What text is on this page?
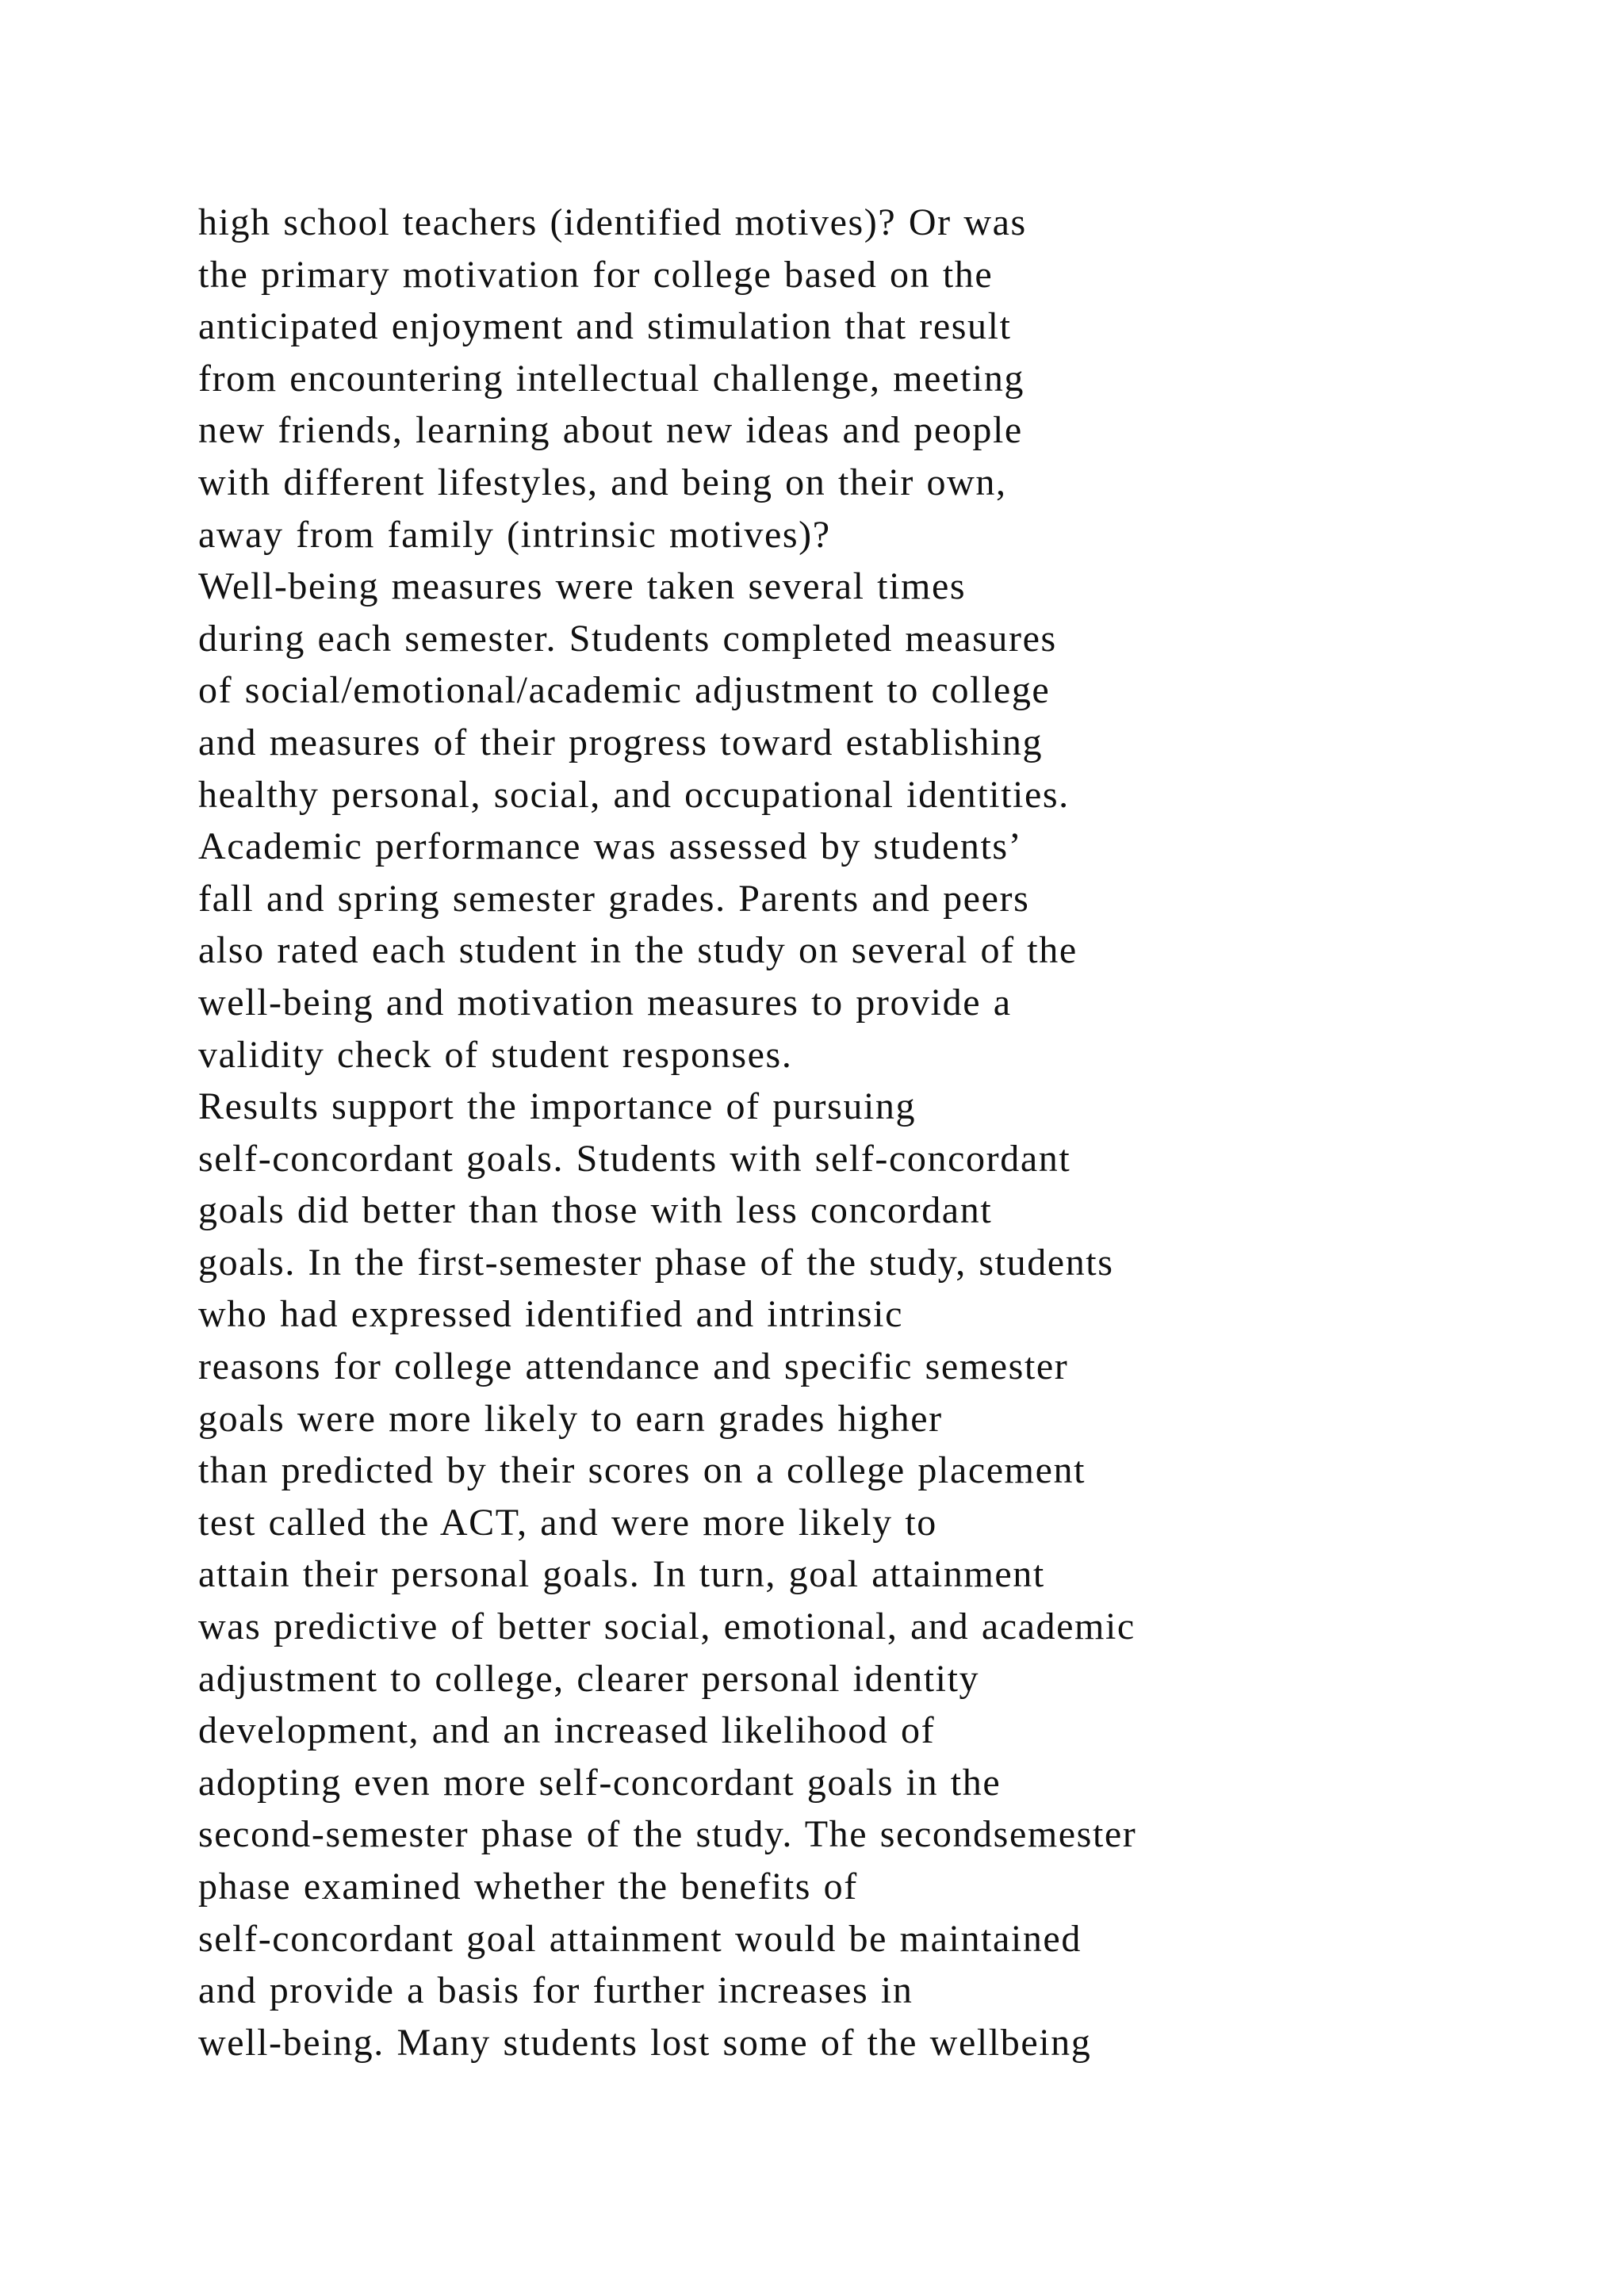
high school teachers (identified motives)? Or was
the primary motivation for college based on the
anticipated enjoyment and stimulation that result
from encountering intellectual challenge, meeting
new friends, learning about new ideas and people
with different lifestyles, and being on their own,
away from family (intrinsic motives)?
Well-being measures were taken several times
during each semester. Students completed measures
of social/emotional/academic adjustment to college
and measures of their progress toward establishing
healthy personal, social, and occupational identities.
Academic performance was assessed by students’
fall and spring semester grades. Parents and peers
also rated each student in the study on several of the
well-being and motivation measures to provide a
validity check of student responses.
Results support the importance of pursuing
self-concordant goals. Students with self-concordant
goals did better than those with less concordant
goals. In the first-semester phase of the study, students
who had expressed identified and intrinsic
reasons for college attendance and specific semester
goals were more likely to earn grades higher
than predicted by their scores on a college placement
test called the ACT, and were more likely to
attain their personal goals. In turn, goal attainment
was predictive of better social, emotional, and academic
adjustment to college, clearer personal identity
development, and an increased likelihood of
adopting even more self-concordant goals in the
second-semester phase of the study. The secondsemester
phase examined whether the benefits of
self-concordant goal attainment would be maintained
and provide a basis for further increases in
well-being. Many students lost some of the wellbeing
